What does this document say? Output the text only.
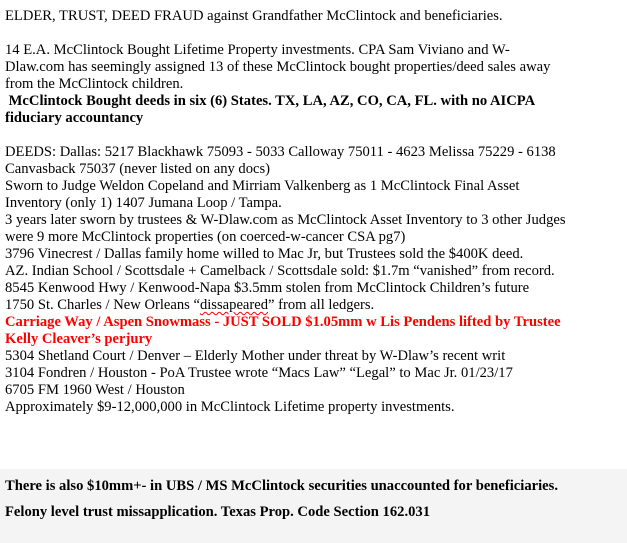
ELDER, TRUST, DEED FRAUD against Grandfather McClintock and beneficiaries.
14 E.A. McClintock Bought Lifetime Property investments. CPA Sam Viviano and W-
Dlaw.com has seemingly assigned 13 of these McClintock bought properties/deed sales away
from the McClintock children.
McClintock Bought deeds in six (6) States. TX, LA, AZ, CO, CA, FL. with no AICPA
fiduciary accountancy
DEEDS: Dallas: 5217 Blackhawk 75093 - 5033 Calloway 75011 - 4623 Melissa 75229 - 6138
Canvasback 75037 (never listed on any docs)
Sworn to Judge Weldon Copeland and Mirriam Valkenberg as 1 McClintock Final Asset
Inventory (only 1) 1407 Jumana Loop / Tampa.
3 years later sworn by trustees & W-Dlaw.com as McClintock Asset Inventory to 3 other Judges
were 9 more McClintock properties (on coerced-w-cancer CSA pg7)
3796 Vinecrest / Dallas family home willed to Mac Jr, but Trustees sold the $400K deed.
AZ. Indian School / Scottsdale + Camelback / Scottsdale sold: $1.7m “vanished” from record.
8545 Kenwood Hwy / Kenwood-Napa $3.5mm stolen from McClintock Children’s future
1750 St. Charles / New Orleans “dissapeared” from all ledgers.
Carriage Way / Aspen Snowmass - JUST SOLD $1.05mm w Lis Pendens lifted by Trustee
Kelly Cleaver’s perjury
5304 Shetland Court / Denver – Elderly Mother under threat by W-Dlaw’s recent writ
3104 Fondren / Houston - PoA Trustee wrote “Macs Law” “Legal” to Mac Jr. 01/23/17
6705 FM 1960 West / Houston
Approximately $9-12,000,000 in McClintock Lifetime property investments.
There is also $10mm+- in UBS / MS McClintock securities unaccounted for beneficiaries.
Felony level trust missapplication. Texas Prop. Code Section 162.031
